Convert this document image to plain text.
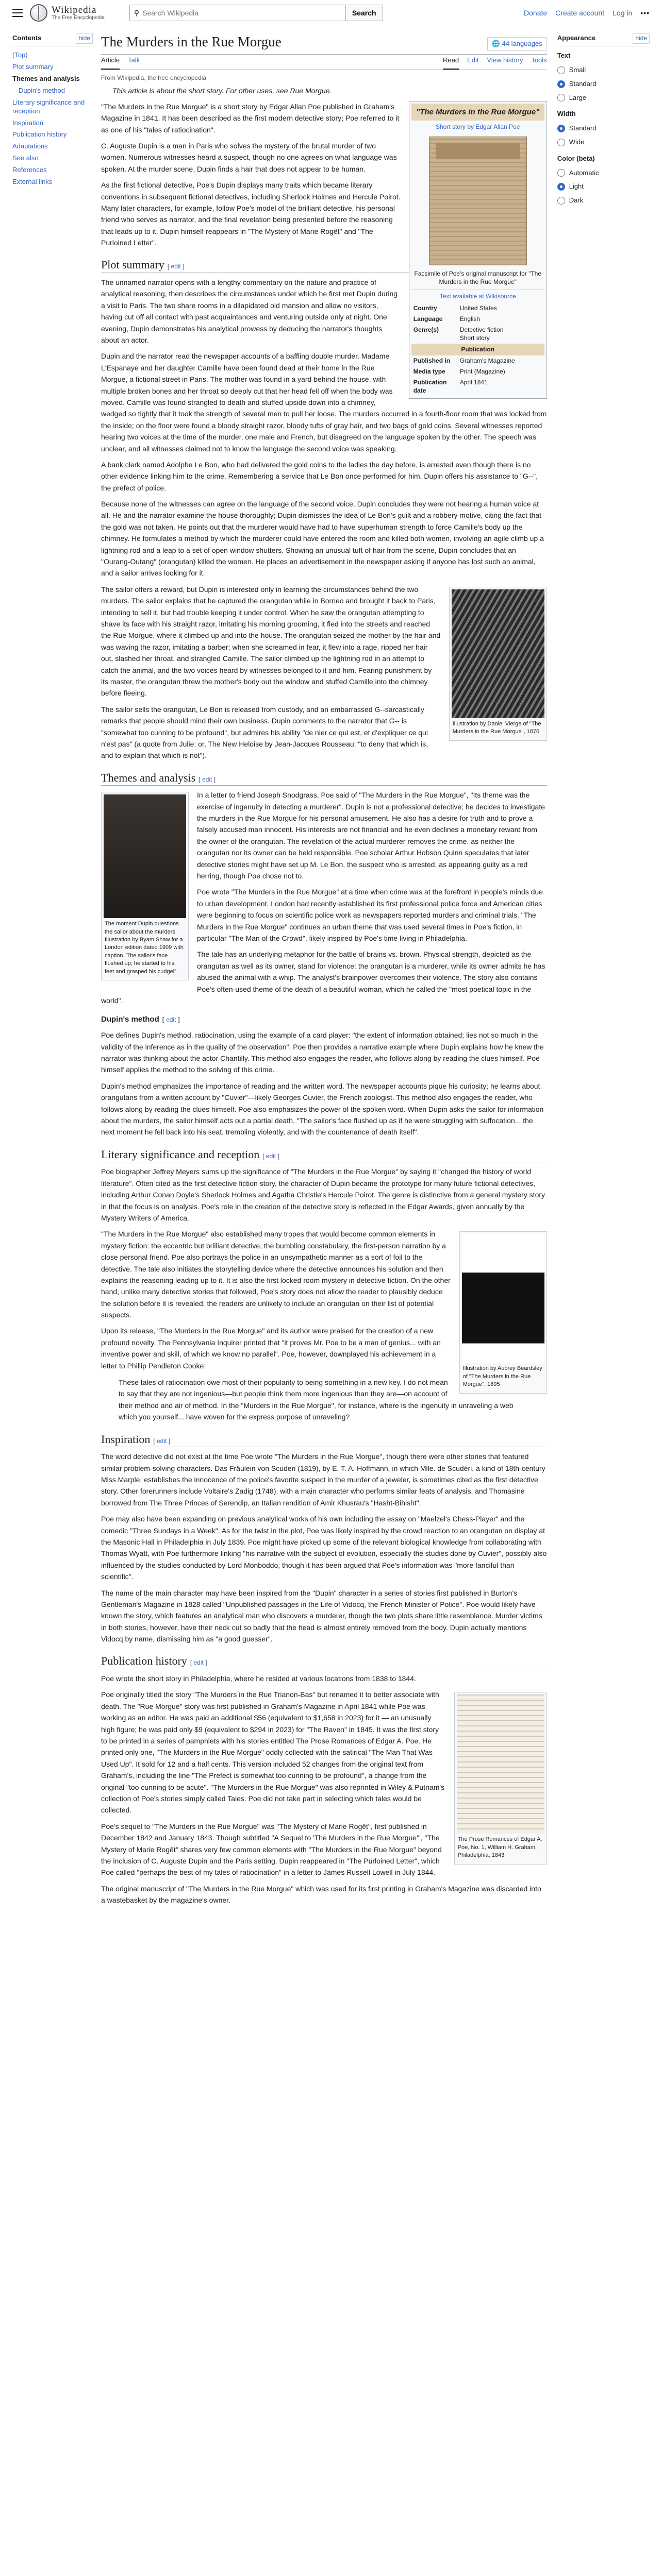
Wikipedia
The Free Encyclopedia
⚲
Search Wikipedia	Search	Donate Create account Log in •••
Contents	hide
(Top)
Plot summary
Themes and analysis
Dupin's method
Literary significance and reception
Inspiration
Publication history
Adaptations
See also
References
External links
The Murders in the Rue Morgue	🌐 44 languages
Article Talk	Read Edit View history Tools
From Wikipedia, the free encyclopedia
This article is about the short story. For other uses, see Rue Morgue.
"The Murders in the Rue Morgue"
Short story by Edgar Allan Poe
Facsimile of Poe's original manuscript for "The Murders in the Rue Morgue"
Text available at Wikisource
Country	United States
Language	English
Genre(s)	Detective fiction
Short story
Publication
Published in	Graham's Magazine
Media type	Print (Magazine)
Publication date	April 1841

"The Murders in the Rue Morgue" is a short story by Edgar Allan Poe published in Graham's Magazine in 1841. It has been described as the first modern detective story; Poe referred to it as one of his "tales of ratiocination".

C. Auguste Dupin is a man in Paris who solves the mystery of the brutal murder of two women. Numerous witnesses heard a suspect, though no one agrees on what language was spoken. At the murder scene, Dupin finds a hair that does not appear to be human.

As the first fictional detective, Poe's Dupin displays many traits which became literary conventions in subsequent fictional detectives, including Sherlock Holmes and Hercule Poirot. Many later characters, for example, follow Poe's model of the brilliant detective, his personal friend who serves as narrator, and the final revelation being presented before the reasoning that leads up to it. Dupin himself reappears in "The Mystery of Marie Rogêt" and "The Purloined Letter".

Plot summary [ edit ]

The unnamed narrator opens with a lengthy commentary on the nature and practice of analytical reasoning, then describes the circumstances under which he first met Dupin during a visit to Paris. The two share rooms in a dilapidated old mansion and allow no visitors, having cut off all contact with past acquaintances and venturing outside only at night. One evening, Dupin demonstrates his analytical prowess by deducing the narrator's thoughts about an actor.

Dupin and the narrator read the newspaper accounts of a baffling double murder. Madame L'Espanaye and her daughter Camille have been found dead at their home in the Rue Morgue, a fictional street in Paris. The mother was found in a yard behind the house, with multiple broken bones and her throat so deeply cut that her head fell off when the body was moved. Camille was found strangled to death and stuffed upside down into a chimney, wedged so tightly that it took the strength of several men to pull her loose. The murders occurred in a fourth-floor room that was locked from the inside; on the floor were found a bloody straight razor, bloody tufts of gray hair, and two bags of gold coins. Several witnesses reported hearing two voices at the time of the murder, one male and French, but disagreed on the language spoken by the other. The speech was unclear, and all witnesses claimed not to know the language the second voice was speaking.

A bank clerk named Adolphe Le Bon, who had delivered the gold coins to the ladies the day before, is arrested even though there is no other evidence linking him to the crime. Remembering a service that Le Bon once performed for him, Dupin offers his assistance to "G--", the prefect of police.

Because none of the witnesses can agree on the language of the second voice, Dupin concludes they were not hearing a human voice at all. He and the narrator examine the house thoroughly; Dupin dismisses the idea of Le Bon's guilt and a robbery motive, citing the fact that the gold was not taken. He points out that the murderer would have had to have superhuman strength to force Camille's body up the chimney. He formulates a method by which the murderer could have entered the room and killed both women, involving an agile climb up a lightning rod and a leap to a set of open window shutters. Showing an unusual tuft of hair from the scene, Dupin concludes that an "Ourang-Outang" (orangutan) killed the women. He places an advertisement in the newspaper asking if anyone has lost such an animal, and a sailor arrives looking for it.

Illustration by Daniel Vierge of "The Murders in the Rue Morgue", 1870

The sailor offers a reward, but Dupin is interested only in learning the circumstances behind the two murders. The sailor explains that he captured the orangutan while in Borneo and brought it back to Paris, intending to sell it, but had trouble keeping it under control. When he saw the orangutan attempting to shave its face with his straight razor, imitating his morning grooming, it fled into the streets and reached the Rue Morgue, where it climbed up and into the house. The orangutan seized the mother by the hair and was waving the razor, imitating a barber; when she screamed in fear, it flew into a rage, ripped her hair out, slashed her throat, and strangled Camille. The sailor climbed up the lightning rod in an attempt to catch the animal, and the two voices heard by witnesses belonged to it and him. Fearing punishment by its master, the orangutan threw the mother's body out the window and stuffed Camille into the chimney before fleeing.

The sailor sells the orangutan, Le Bon is released from custody, and an embarrassed G--sarcastically remarks that people should mind their own business. Dupin comments to the narrator that G-- is "somewhat too cunning to be profound", but admires his ability "de nier ce qui est, et d'expliquer ce qui n'est pas" (a quote from Julie; or, The New Heloise by Jean-Jacques Rousseau: "to deny that which is, and to explain that which is not").

Themes and analysis [ edit ]
The moment Dupin questions the sailor about the murders. Illustration by Byam Shaw for a London edition dated 1909 with caption "The sailor's face flushed up; he started to his feet and grasped his cudgel".

In a letter to friend Joseph Snodgrass, Poe said of "The Murders in the Rue Morgue", "Its theme was the exercise of ingenuity in detecting a murderer". Dupin is not a professional detective; he decides to investigate the murders in the Rue Morgue for his personal amusement. He also has a desire for truth and to prove a falsely accused man innocent. His interests are not financial and he even declines a monetary reward from the owner of the orangutan. The revelation of the actual murderer removes the crime, as neither the orangutan nor its owner can be held responsible. Poe scholar Arthur Hobson Quinn speculates that later detective stories might have set up M. Le Bon, the suspect who is arrested, as appearing guilty as a red herring, though Poe chose not to.

Poe wrote "The Murders in the Rue Morgue" at a time when crime was at the forefront in people's minds due to urban development. London had recently established its first professional police force and American cities were beginning to focus on scientific police work as newspapers reported murders and criminal trials. "The Murders in the Rue Morgue" continues an urban theme that was used several times in Poe's fiction, in particular "The Man of the Crowd", likely inspired by Poe's time living in Philadelphia.

The tale has an underlying metaphor for the battle of brains vs. brown. Physical strength, depicted as the orangutan as well as its owner, stand for violence: the orangutan is a murderer, while its owner admits he has abused the animal with a whip. The analyst's brainpower overcomes their violence. The story also contains Poe's often-used theme of the death of a beautiful woman, which he called the "most poetical topic in the world".

Dupin's method [ edit ]

Poe defines Dupin's method, ratiocination, using the example of a card player: "the extent of information obtained; lies not so much in the validity of the inference as in the quality of the observation". Poe then provides a narrative example where Dupin explains how he knew the narrator was thinking about the actor Chantilly. This method also engages the reader, who follows along by reading the clues himself. Poe himself applies the method to the solving of this crime.

Dupin's method emphasizes the importance of reading and the written word. The newspaper accounts pique his curiosity; he learns about orangutans from a written account by "Cuvier"—likely Georges Cuvier, the French zoologist. This method also engages the reader, who follows along by reading the clues himself. Poe also emphasizes the power of the spoken word. When Dupin asks the sailor for information about the murders, the sailor himself acts out a partial death. "The sailor's face flushed up as if he were struggling with suffocation... the next moment he fell back into his seat, trembling violently, and with the countenance of death itself".

Literary significance and reception [ edit ]

Poe biographer Jeffrey Meyers sums up the significance of "The Murders in the Rue Morgue" by saying it "changed the history of world literature". Often cited as the first detective fiction story, the character of Dupin became the prototype for many future fictional detectives, including Arthur Conan Doyle's Sherlock Holmes and Agatha Christie's Hercule Poirot. The genre is distinctive from a general mystery story in that the focus is on analysis. Poe's role in the creation of the detective story is reflected in the Edgar Awards, given annually by the Mystery Writers of America.

Illustration by Aubrey Beardsley of "The Murders in the Rue Morgue", 1895

"The Murders in the Rue Morgue" also established many tropes that would become common elements in mystery fiction: the eccentric but brilliant detective, the bumbling constabulary, the first-person narration by a close personal friend. Poe also portrays the police in an unsympathetic manner as a sort of foil to the detective. The tale also initiates the storytelling device where the detective announces his solution and then explains the reasoning leading up to it. It is also the first locked room mystery in detective fiction. On the other hand, unlike many detective stories that followed, Poe's story does not allow the reader to plausibly deduce the solution before it is revealed; the readers are unlikely to include an orangutan on their list of potential suspects.

Upon its release, "The Murders in the Rue Morgue" and its author were praised for the creation of a new profound novelty. The Pennsylvania Inquirer printed that "it proves Mr. Poe to be a man of genius... with an inventive power and skill, of which we know no parallel". Poe, however, downplayed his achievement in a letter to Phillip Pendleton Cooke:

These tales of ratiocination owe most of their popularity to being something in a new key. I do not mean to say that they are not ingenious—but people think them more ingenious than they are—on account of their method and air of method. In the "Murders in the Rue Morgue", for instance, where is the ingenuity in unraveling a web which you yourself... have woven for the express purpose of unraveling?
Inspiration [ edit ]

The word detective did not exist at the time Poe wrote "The Murders in the Rue Morgue", though there were other stories that featured similar problem-solving characters. Das Fräulein von Scuderi (1819), by E. T. A. Hoffmann, in which Mlle. de Scudéri, a kind of 18th-century Miss Marple, establishes the innocence of the police's favorite suspect in the murder of a jeweler, is sometimes cited as the first detective story. Other forerunners include Voltaire's Zadig (1748), with a main character who performs similar feats of analysis, and Thomasine borrowed from The Three Princes of Serendip, an Italian rendition of Amir Khusrau's "Hasht-Bihisht".

Poe may also have been expanding on previous analytical works of his own including the essay on "Maelzel's Chess-Player" and the comedic "Three Sundays in a Week". As for the twist in the plot, Poe was likely inspired by the crowd reaction to an orangutan on display at the Masonic Hall in Philadelphia in July 1839. Poe might have picked up some of the relevant biological knowledge from collaborating with Thomas Wyatt, with Poe furthermore linking "his narrative with the subject of evolution, especially the studies done by Cuvier", possibly also influenced by the studies conducted by Lord Monboddo, though it has been argued that Poe's information was "more fanciful than scientific".

The name of the main character may have been inspired from the "Dupin" character in a series of stories first published in Burton's Gentleman's Magazine in 1828 called "Unpublished passages in the Life of Vidocq, the French Minister of Police". Poe would likely have known the story, which features an analytical man who discovers a murderer, though the two plots share little resemblance. Murder victims in both stories, however, have their neck cut so badly that the head is almost entirely removed from the body. Dupin actually mentions Vidocq by name, dismissing him as "a good guesser".

Publication history [ edit ]

Poe wrote the short story in Philadelphia, where he resided at various locations from 1838 to 1844.

The Prose Romances of Edgar A. Poe, No. 1, William H. Graham, Philadelphia, 1843

Poe originally titled the story "The Murders in the Rue Trianon-Bas" but renamed it to better associate with death. The "Rue Morgue" story was first published in Graham's Magazine in April 1841 while Poe was working as an editor. He was paid an additional $56 (equivalent to $1,658 in 2023) for it — an unusually high figure; he was paid only $9 (equivalent to $294 in 2023) for "The Raven" in 1845. It was the first story to be printed in a series of pamphlets with his stories entitled The Prose Romances of Edgar A. Poe. He printed only one, "The Murders in the Rue Morgue" oddly collected with the satirical "The Man That Was Used Up". It sold for 12 and a half cents. This version included 52 changes from the original text from Graham's, including the line "The Prefect is somewhat too cunning to be profound", a change from the original "too cunning to be acute". "The Murders in the Rue Morgue" was also reprinted in Wiley & Putnam's collection of Poe's stories simply called Tales. Poe did not take part in selecting which tales would be collected.

Poe's sequel to "The Murders in the Rue Morgue" was "The Mystery of Marie Rogêt", first published in December 1842 and January 1843. Though subtitled "A Sequel to 'The Murders in the Rue Morgue'", "The Mystery of Marie Rogêt" shares very few common elements with "The Murders in the Rue Morgue" beyond the inclusion of C. Auguste Dupin and the Paris setting. Dupin reappeared in "The Purloined Letter", which Poe called "perhaps the best of my tales of ratiocination" in a letter to James Russell Lowell in July 1844.

The original manuscript of "The Murders in the Rue Morgue" which was used for its first printing in Graham's Magazine was discarded into a wastebasket by the magazine's owner.

Appearance	hide
Text
Small
Standard
Large
Width
Standard
Wide
Color (beta)
Automatic
Light
Dark
